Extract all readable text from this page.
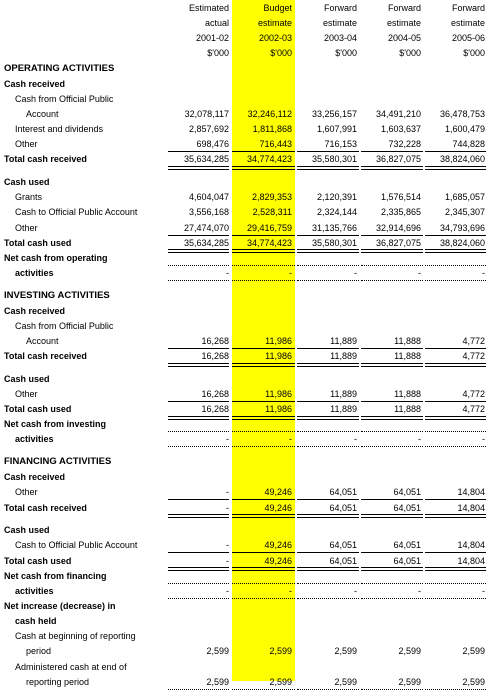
Estimated	Budget	Forward	Forward	Forward
actual	estimate	estimate	estimate	estimate
2001-02	2002-03	2003-04	2004-05	2005-06
$'000	$'000	$'000	$'000	$'000
OPERATING ACTIVITIES
Cash received
Cash from Official Public
Account	32,078,117 32,246,112 33,256,157 34,491,210 36,478,753
Interest and dividends	2,857,692	1,811,868	1,607,991	1,603,637	1,600,479
Other	698,476	716,443	716,153	732,228	744,828
Total cash received	35,634,285 34,774,423 35,580,301 36,827,075 38,824,060
Cash used
Grants	4,604,047	2,829,353	2,120,391	1,576,514	1,685,057
Cash to Official Public Account	3,556,168	2,528,311	2,324,144	2,335,865	2,345,307
Other	27,474,070 29,416,759 31,135,766 32,914,696 34,793,696
Total cash used	35,634,285 34,774,423 35,580,301 36,827,075 38,824,060
Net cash from operating
activities	-	-	-	-	-
INVESTING ACTIVITIES
Cash received
Cash from Official Public
Account	16,268	11,986	11,889	11,888	4,772
Total cash received	16,268	11,986	11,889	11,888	4,772
Cash used
Other	16,268	11,986	11,889	11,888	4,772
Total cash used	16,268	11,986	11,889	11,888	4,772
Net cash from investing
activities	-	-	-	-	-
FINANCING ACTIVITIES
Cash received
Other	-	49,246	64,051	64,051	14,804
Total cash received	-	49,246	64,051	64,051	14,804
Cash used
Cash to Official Public Account	-	49,246	64,051	64,051	14,804
Total cash used	-	49,246	64,051	64,051	14,804
Net cash from financing
activities	-	-	-	-	-
Net increase (decrease) in
cash held
Cash at beginning of reporting
period	2,599	2,599	2,599	2,599	2,599
Administered cash at end of
reporting period	2,599	2,599	2,599	2,599	2,599
